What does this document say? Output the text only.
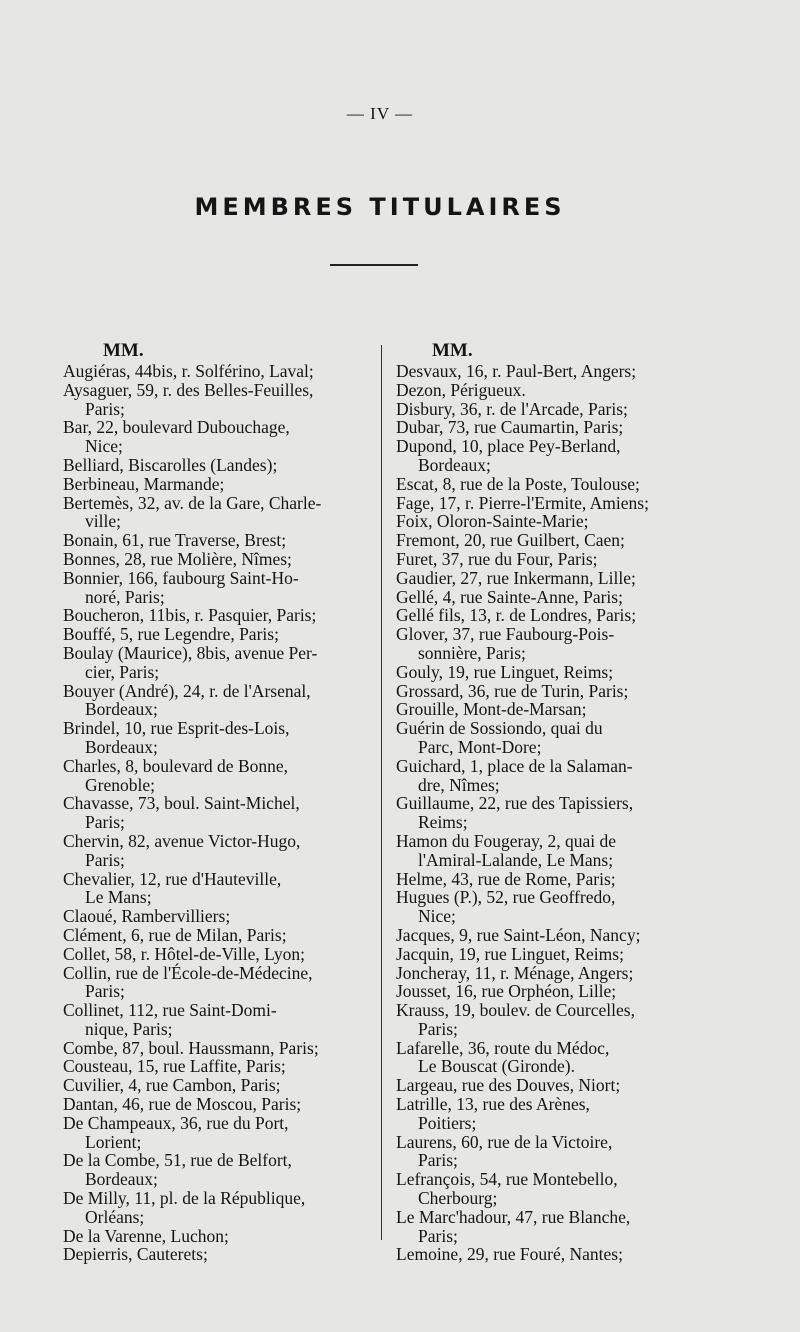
— IV —
MEMBRES TITULAIRES
MM.
Augiéras, 44bis, r. Solférino, Laval;
Aysaguer, 59, r. des Belles-Feuilles,
Paris;
Bar, 22, boulevard Dubouchage,
Nice;
Belliard, Biscarolles (Landes);
Berbineau, Marmande;
Bertemès, 32, av. de la Gare, Charle-
ville;
Bonain, 61, rue Traverse, Brest;
Bonnes, 28, rue Molière, Nîmes;
Bonnier, 166, faubourg Saint-Ho-
noré, Paris;
Boucheron, 11bis, r. Pasquier, Paris;
Bouffé, 5, rue Legendre, Paris;
Boulay (Maurice), 8bis, avenue Per-
cier, Paris;
Bouyer (André), 24, r. de l'Arsenal,
Bordeaux;
Brindel, 10, rue Esprit-des-Lois,
Bordeaux;
Charles, 8, boulevard de Bonne,
Grenoble;
Chavasse, 73, boul. Saint-Michel,
Paris;
Chervin, 82, avenue Victor-Hugo,
Paris;
Chevalier, 12, rue d'Hauteville,
Le Mans;
Claoué, Rambervilliers;
Clément, 6, rue de Milan, Paris;
Collet, 58, r. Hôtel-de-Ville, Lyon;
Collin, rue de l'École-de-Médecine,
Paris;
Collinet, 112, rue Saint-Domi-
nique, Paris;
Combe, 87, boul. Haussmann, Paris;
Cousteau, 15, rue Laffite, Paris;
Cuvilier, 4, rue Cambon, Paris;
Dantan, 46, rue de Moscou, Paris;
De Champeaux, 36, rue du Port,
Lorient;
De la Combe, 51, rue de Belfort,
Bordeaux;
De Milly, 11, pl. de la République,
Orléans;
De la Varenne, Luchon;
Depierris, Cauterets;
MM.
Desvaux, 16, r. Paul-Bert, Angers;
Dezon, Périgueux.
Disbury, 36, r. de l'Arcade, Paris;
Dubar, 73, rue Caumartin, Paris;
Dupond, 10, place Pey-Berland,
Bordeaux;
Escat, 8, rue de la Poste, Toulouse;
Fage, 17, r. Pierre-l'Ermite, Amiens;
Foix, Oloron-Sainte-Marie;
Fremont, 20, rue Guilbert, Caen;
Furet, 37, rue du Four, Paris;
Gaudier, 27, rue Inkermann, Lille;
Gellé, 4, rue Sainte-Anne, Paris;
Gellé fils, 13, r. de Londres, Paris;
Glover, 37, rue Faubourg-Pois-
sonnière, Paris;
Gouly, 19, rue Linguet, Reims;
Grossard, 36, rue de Turin, Paris;
Grouille, Mont-de-Marsan;
Guérin de Sossiondo, quai du
Parc, Mont-Dore;
Guichard, 1, place de la Salaman-
dre, Nîmes;
Guillaume, 22, rue des Tapissiers,
Reims;
Hamon du Fougeray, 2, quai de
l'Amiral-Lalande, Le Mans;
Helme, 43, rue de Rome, Paris;
Hugues (P.), 52, rue Geoffredo,
Nice;
Jacques, 9, rue Saint-Léon, Nancy;
Jacquin, 19, rue Linguet, Reims;
Joncheray, 11, r. Ménage, Angers;
Jousset, 16, rue Orphéon, Lille;
Krauss, 19, boulev. de Courcelles,
Paris;
Lafarelle, 36, route du Médoc,
Le Bouscat (Gironde).
Largeau, rue des Douves, Niort;
Latrille, 13, rue des Arènes,
Poitiers;
Laurens, 60, rue de la Victoire,
Paris;
Lefrançois, 54, rue Montebello,
Cherbourg;
Le Marc'hadour, 47, rue Blanche,
Paris;
Lemoine, 29, rue Fouré, Nantes;
